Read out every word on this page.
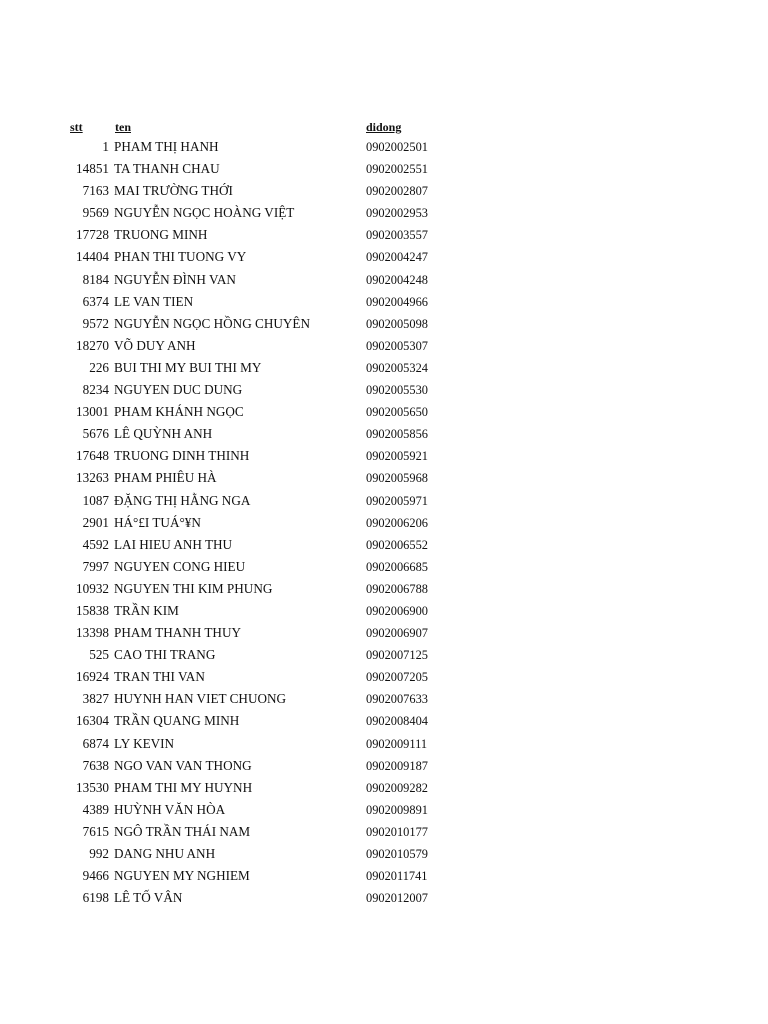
stt	ten	didong
1 PHAM THỊ HANH	0902002501
14851 TA THANH CHAU	0902002551
7163 MAI TRƯỜNG THỚI	0902002807
9569 NGUYỄN NGỌC HOÀNG VIỆT	0902002953
17728 TRUONG MINH	0902003557
14404 PHAN THI TUONG VY	0902004247
8184 NGUYỄN ĐÌNH VAN	0902004248
6374 LE VAN TIEN	0902004966
9572 NGUYỄN NGỌC HỒNG CHUYÊN	0902005098
18270 VÕ DUY ANH	0902005307
226 BUI THI MY BUI THI MY	0902005324
8234 NGUYEN DUC DUNG	0902005530
13001 PHAM KHÁNH NGỌC	0902005650
5676 LÊ QUỲNH ANH	0902005856
17648 TRUONG DINH THINH	0902005921
13263 PHAM PHIÊU HÀ	0902005968
1087 ĐẶNG THỊ HẰNG NGA	0902005971
2901 HÁ°£I TUÁ°¥N	0902006206
4592 LAI HIEU ANH THU	0902006552
7997 NGUYEN CONG HIEU	0902006685
10932 NGUYEN THI KIM PHUNG	0902006788
15838 TRẦN KIM	0902006900
13398 PHAM THANH THUY	0902006907
525 CAO THI TRANG	0902007125
16924 TRAN THI VAN	0902007205
3827 HUYNH HAN VIET CHUONG	0902007633
16304 TRẦN QUANG MINH	0902008404
6874 LY KEVIN	0902009111
7638 NGO VAN VAN THONG	0902009187
13530 PHAM THI MY HUYNH	0902009282
4389 HUỲNH VĂN HÒA	0902009891
7615 NGÔ TRẦN THÁI NAM	0902010177
992 DANG NHU ANH	0902010579
9466 NGUYEN MY NGHIEM	0902011741
6198 LÊ TỐ VÂN	0902012007
